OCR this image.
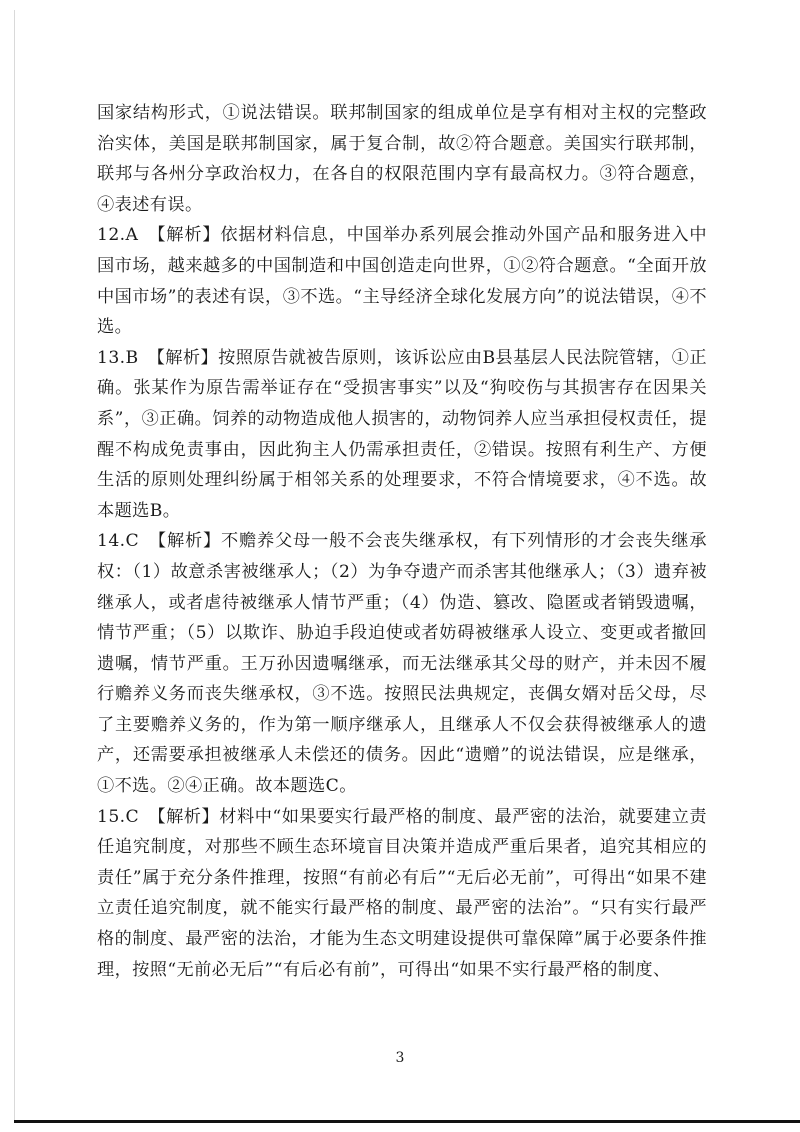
国家结构形式，①说法错误。联邦制国家的组成单位是享有相对主权的完整政治实体，美国是联邦制国家，属于复合制，故②符合题意。美国实行联邦制，联邦与各州分享政治权力，在各自的权限范围内享有最高权力。③符合题意，④表述有误。

12.A　【解析】依据材料信息，中国举办系列展会推动外国产品和服务进入中国市场，越来越多的中国制造和中国创造走向世界，①②符合题意。“全面开放中国市场”的表述有误，③不选。“主导经济全球化发展方向”的说法错误，④不选。

13.B　【解析】按照原告就被告原则，该诉讼应由B县基层人民法院管辖，①正确。张某作为原告需举证存在“受损害事实”以及“狗咬伤与其损害存在因果关系”，③正确。饲养的动物造成他人损害的，动物饲养人应当承担侵权责任，提醒不构成免责事由，因此狗主人仍需承担责任，②错误。按照有利生产、方便生活的原则处理纠纷属于相邻关系的处理要求，不符合情境要求，④不选。故本题选B。

14.C　【解析】不赡养父母一般不会丧失继承权，有下列情形的才会丧失继承权：（1）故意杀害被继承人；（2）为争夺遗产而杀害其他继承人；（3）遗弃被继承人，或者虐待被继承人情节严重；（4）伪造、篡改、隐匿或者销毁遗嘱，情节严重；（5）以欺诈、胁迫手段迫使或者妨碍被继承人设立、变更或者撤回遗嘱，情节严重。王万孙因遗嘱继承，而无法继承其父母的财产，并未因不履行赡养义务而丧失继承权，③不选。按照民法典规定，丧偶女婿对岳父母，尽了主要赡养义务的，作为第一顺序继承人，且继承人不仅会获得被继承人的遗产，还需要承担被继承人未偿还的债务。因此“遗赠”的说法错误，应是继承，①不选。②④正确。故本题选C。

15.C　【解析】材料中“如果要实行最严格的制度、最严密的法治，就要建立责任追究制度，对那些不顾生态环境盲目决策并造成严重后果者，追究其相应的责任”属于充分条件推理，按照“有前必有后”“无后必无前”，可得出“如果不建立责任追究制度，就不能实行最严格的制度、最严密的法治”。“只有实行最严格的制度、最严密的法治，才能为生态文明建设提供可靠保障”属于必要条件推理，按照“无前必无后”“有后必有前”，可得出“如果不实行最严格的制度、

3
